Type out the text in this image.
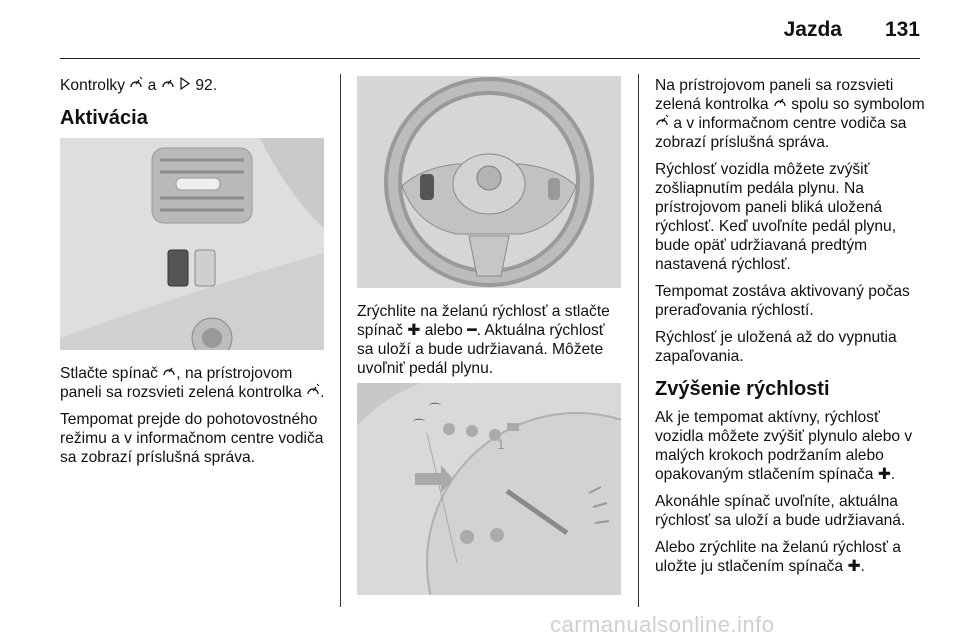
Jazda 131

Kontrolky  a   92.

Aktivácia

Stlačte spínač , na prístrojovom paneli sa rozsvieti zelená kontrolka .

Tempomat prejde do pohotovostného režimu a v informačnom centre vodiča sa zobrazí príslušná správa.

Zrýchlite na želanú rýchlosť a stlačte spínač ✚ alebo ━. Aktuálna rýchlosť sa uloží a bude udržiavaná. Môžete uvoľniť pedál plynu.

1
⌒
⌒

Na prístrojovom paneli sa rozsvieti zelená kontrolka  spolu so symbolom  a v informačnom centre vodiča sa zobrazí príslušná správa.

Rýchlosť vozidla môžete zvýšiť zošliapnutím pedála plynu. Na prístrojovom paneli bliká uložená rýchlosť. Keď uvoľníte pedál plynu, bude opäť udržiavaná predtým nastavená rýchlosť.

Tempomat zostáva aktivovaný počas preraďovania rýchlostí.

Rýchlosť je uložená až do vypnutia zapaľovania.

Zvýšenie rýchlosti

Ak je tempomat aktívny, rýchlosť vozidla môžete zvýšiť plynulo alebo v malých krokoch podržaním alebo opakovaným stlačením spínača ✚.

Akonáhle spínač uvoľníte, aktuálna rýchlosť sa uloží a bude udržiavaná.

Alebo zrýchlite na želanú rýchlosť a uložte ju stlačením spínača ✚.

carmanualsonline.info
